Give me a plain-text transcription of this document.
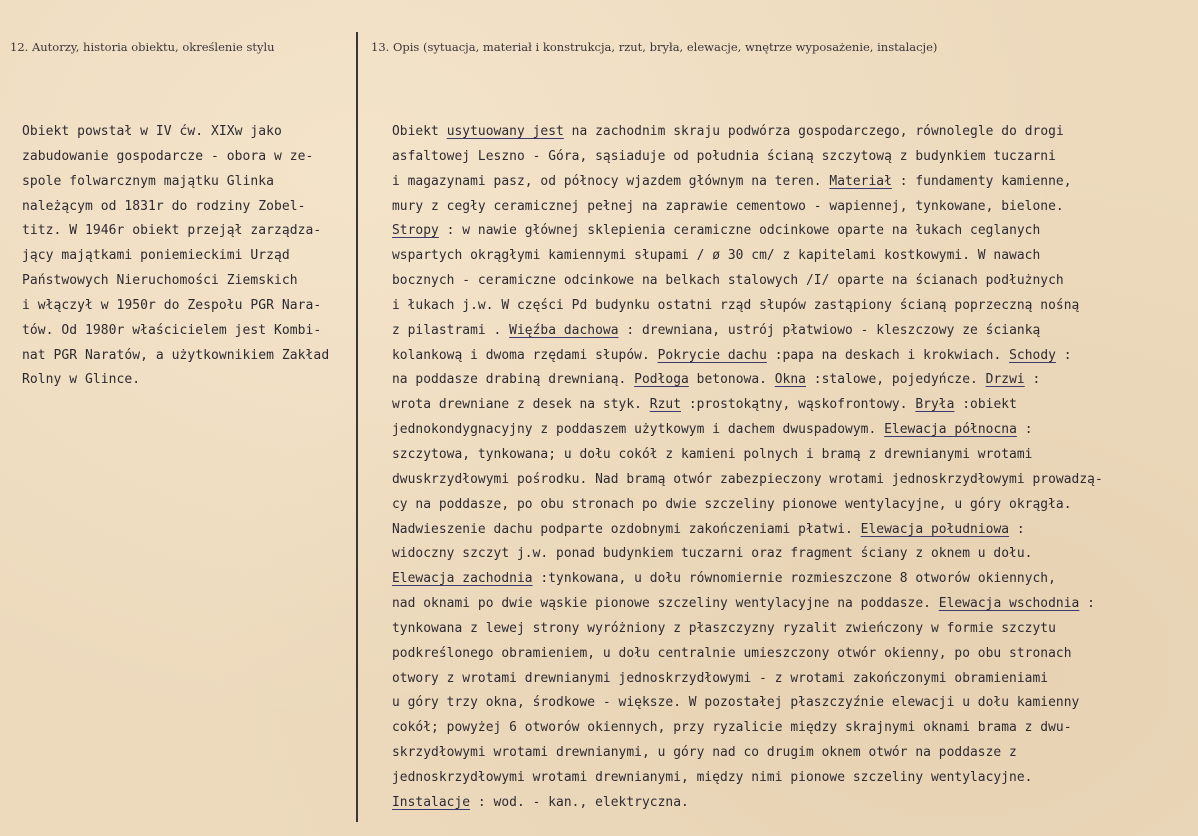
12. Autorzy, historia obiektu, określenie stylu	13. Opis (sytuacja, materiał i konstrukcja, rzut, bryła, elewacje, wnętrze wyposażenie, instalacje)
Obiekt powstał w IV ćw. XIXw jako
zabudowanie gospodarcze - obora w ze-
spole folwarcznym majątku Glinka
należącym od 1831r do rodziny Zobel-
titz. W 1946r obiekt przejął zarządza-
jący majątkami poniemieckimi Urząd
Państwowych Nieruchomości Ziemskich
i włączył w 1950r do Zespołu PGR Nara-
tów. Od 1980r właścicielem jest Kombi-
nat PGR Naratów, a użytkownikiem Zakład
Rolny w Glince.
Obiekt usytuowany jest na zachodnim skraju podwórza gospodarczego, równolegle do drogi
asfaltowej Leszno - Góra, sąsiaduje od południa ścianą szczytową z budynkiem tuczarni
i magazynami pasz, od północy wjazdem głównym na teren. Materiał : fundamenty kamienne,
mury z cegły ceramicznej pełnej na zaprawie cementowo - wapiennej, tynkowane, bielone.
Stropy : w nawie głównej sklepienia ceramiczne odcinkowe oparte na łukach ceglanych
wspartych okrągłymi kamiennymi słupami / ø 30 cm/ z kapitelami kostkowymi. W nawach
bocznych - ceramiczne odcinkowe na belkach stalowych /I/ oparte na ścianach podłużnych
i łukach j.w. W części Pd budynku ostatni rząd słupów zastąpiony ścianą poprzeczną nośną
z pilastrami . Więźba dachowa : drewniana, ustrój płatwiowo - kleszczowy ze ścianką
kolankową i dwoma rzędami słupów. Pokrycie dachu :papa na deskach i krokwiach. Schody :
na poddasze drabiną drewnianą. Podłoga betonowa. Okna :stalowe, pojedyńcze. Drzwi :
wrota drewniane z desek na styk. Rzut :prostokątny, wąskofrontowy. Bryła :obiekt
jednokondygnacyjny z poddaszem użytkowym i dachem dwuspadowym. Elewacja północna :
szczytowa, tynkowana; u dołu cokół z kamieni polnych i bramą z drewnianymi wrotami
dwuskrzydłowymi pośrodku. Nad bramą otwór zabezpieczony wrotami jednoskrzydłowymi prowadzą-
cy na poddasze, po obu stronach po dwie szczeliny pionowe wentylacyjne, u góry okrągła.
Nadwieszenie dachu podparte ozdobnymi zakończeniami płatwi. Elewacja południowa :
widoczny szczyt j.w. ponad budynkiem tuczarni oraz fragment ściany z oknem u dołu.
Elewacja zachodnia :tynkowana, u dołu równomiernie rozmieszczone 8 otworów okiennych,
nad oknami po dwie wąskie pionowe szczeliny wentylacyjne na poddasze. Elewacja wschodnia :
tynkowana z lewej strony wyróżniony z płaszczyzny ryzalit zwieńczony w formie szczytu
podkreślonego obramieniem, u dołu centralnie umieszczony otwór okienny, po obu stronach
otwory z wrotami drewnianymi jednoskrzydłowymi - z wrotami zakończonymi obramieniami
u góry trzy okna, środkowe - większe. W pozostałej płaszczyźnie elewacji u dołu kamienny
cokół; powyżej 6 otworów okiennych, przy ryzalicie między skrajnymi oknami brama z dwu-
skrzydłowymi wrotami drewnianymi, u góry nad co drugim oknem otwór na poddasze z
jednoskrzydłowymi wrotami drewnianymi, między nimi pionowe szczeliny wentylacyjne.
Instalacje : wod. - kan., elektryczna.
